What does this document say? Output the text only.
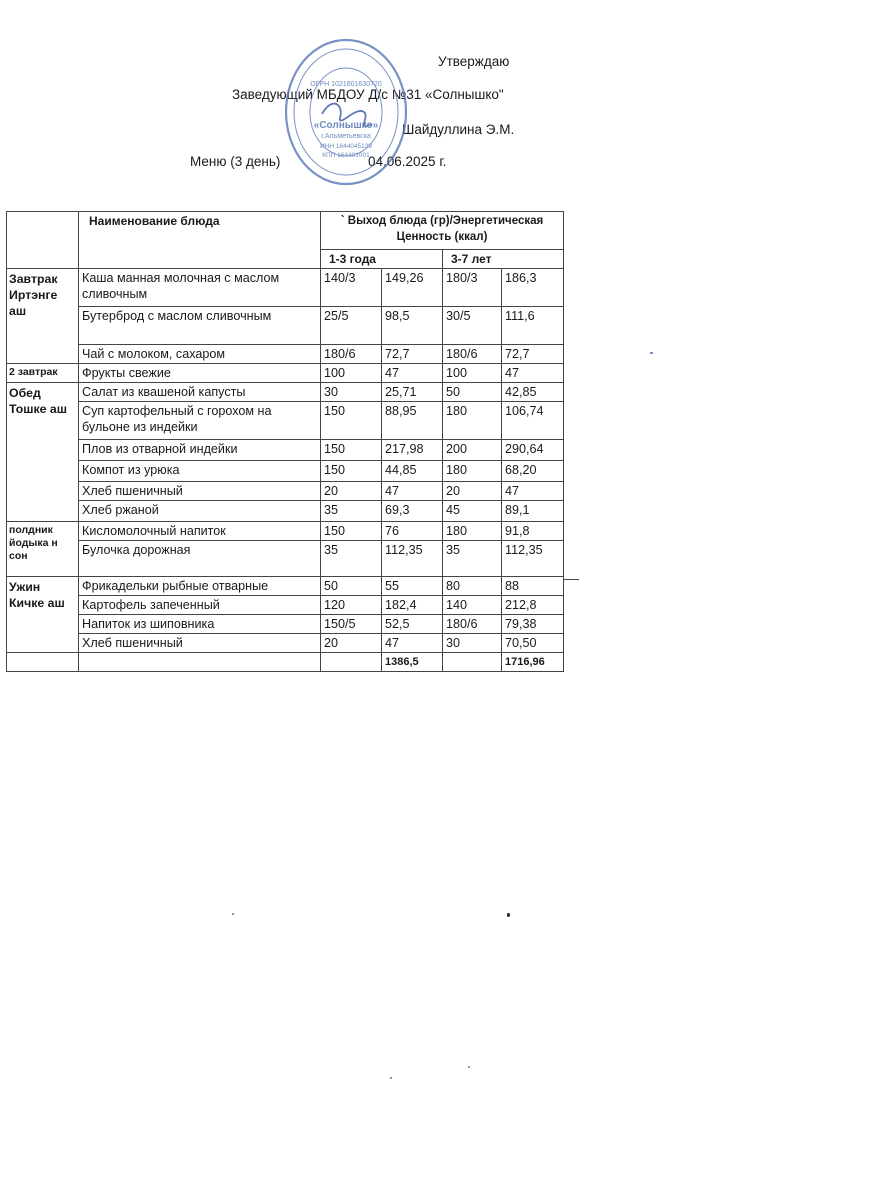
Утверждаю
Заведующий МБДОУ Д/с №31 «Солнышко"
Шайдуллина Э.М.
Меню (3 день)	04.06.2025 г.
ОГРН 1021601630720
«Солнышко»
г.Альметьевска
ИНН 1644045139
КПП 164401001
	Наименование блюда	` Выход блюда (гр)/Энергетическая Ценность (ккал)			
		1-3 года		3-7 лет	
Завтрак Иртэнге аш	Каша манная молочная с маслом сливочным	140/3	149,26	180/3	186,3
	Бутерброд с маслом сливочным	25/5	98,5	30/5	111,6
	Чай с молоком, сахаром	180/6	72,7	180/6	72,7
2 завтрак	Фрукты свежие	100	47	100	47
Обед Тошке аш	Салат из квашеной капусты	30	25,71	50	42,85
	Суп картофельный с горохом на бульоне из индейки	150	88,95	180	106,74
	Плов из отварной индейки	150	217,98	200	290,64
	Компот из урюка	150	44,85	180	68,20
	Хлеб пшеничный	20	47	20	47
	Хлеб ржаной	35	69,3	45	89,1
полдник йодыка н сон	Кисломолочный напиток	150	76	180	91,8
	Булочка дорожная	35	112,35	35	112,35
Ужин Кичке аш	Фрикадельки рыбные отварные	50	55	80	88
	Картофель запеченный	120	182,4	140	212,8
	Напиток из шиповника	150/5	52,5	180/6	79,38
	Хлеб пшеничный	20	47	30	70,50
			1386,5		1716,96
